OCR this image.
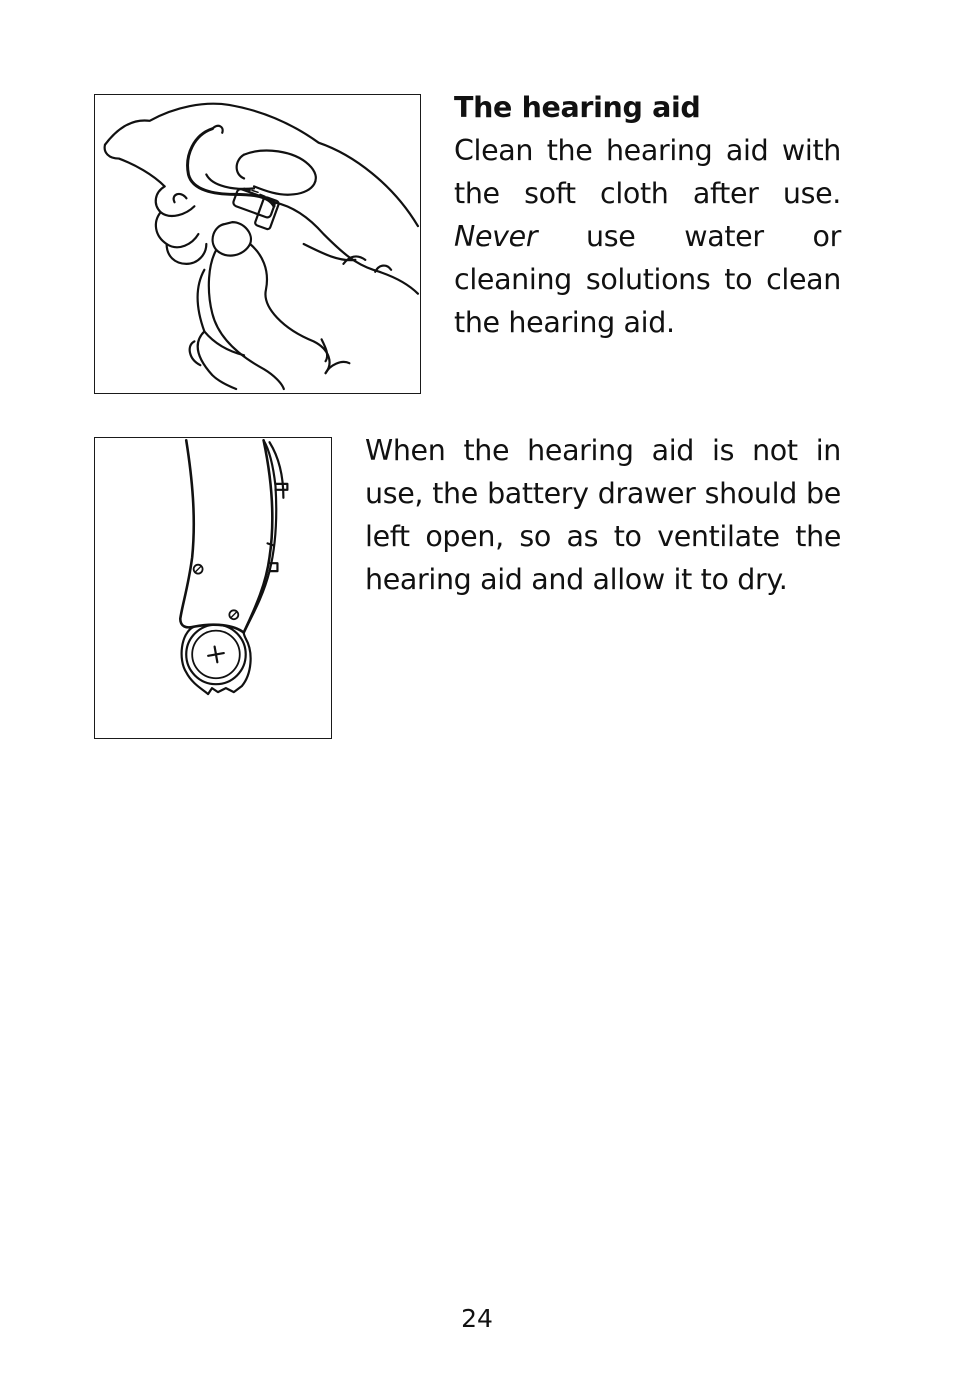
The hearing aid
Clean the hearing aid with the soft cloth after use. Never use water or cleaning solutions to clean the hearing aid.
When the hearing aid is not in use, the battery drawer should be left open, so as to ventilate the hearing aid and allow it to dry.
24
